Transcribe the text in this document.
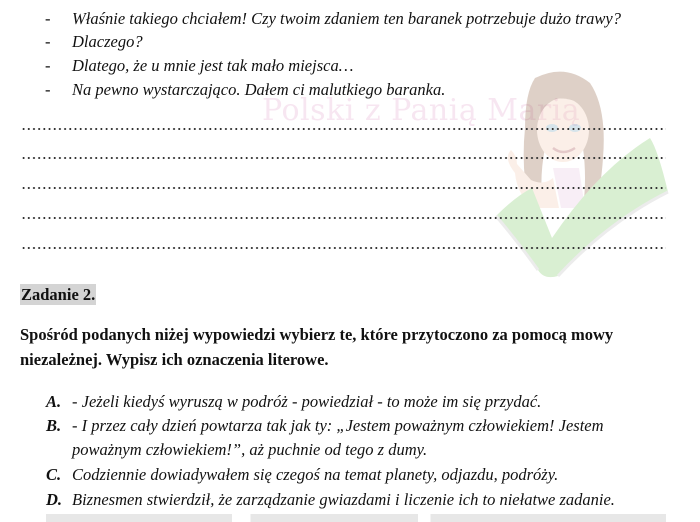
Polski z Panią Marią
- Właśnie takiego chciałem! Czy twoim zdaniem ten baranek potrzebuje dużo trawy?
- Dlaczego?
- Dlatego, że u mnie jest tak mało miejsca…
- Na pewno wystarczająco. Dałem ci malutkiego baranka.
Zadanie 2.
Spośród podanych niżej wypowiedzi wybierz te, które przytoczono za pomocą mowy niezależnej. Wypisz ich oznaczenia literowe.
A. - Jeżeli kiedyś wyruszą w podróż - powiedział - to może im się przydać.
B. - I przez cały dzień powtarza tak jak ty: „Jestem poważnym człowiekiem! Jestem
poważnym człowiekiem!”, aż puchnie od tego z dumy.
C. Codziennie dowiadywałem się czegoś na temat planety, odjazdu, podróży.
D. Biznesmen stwierdził, że zarządzanie gwiazdami i liczenie ich to niełatwe zadanie.
